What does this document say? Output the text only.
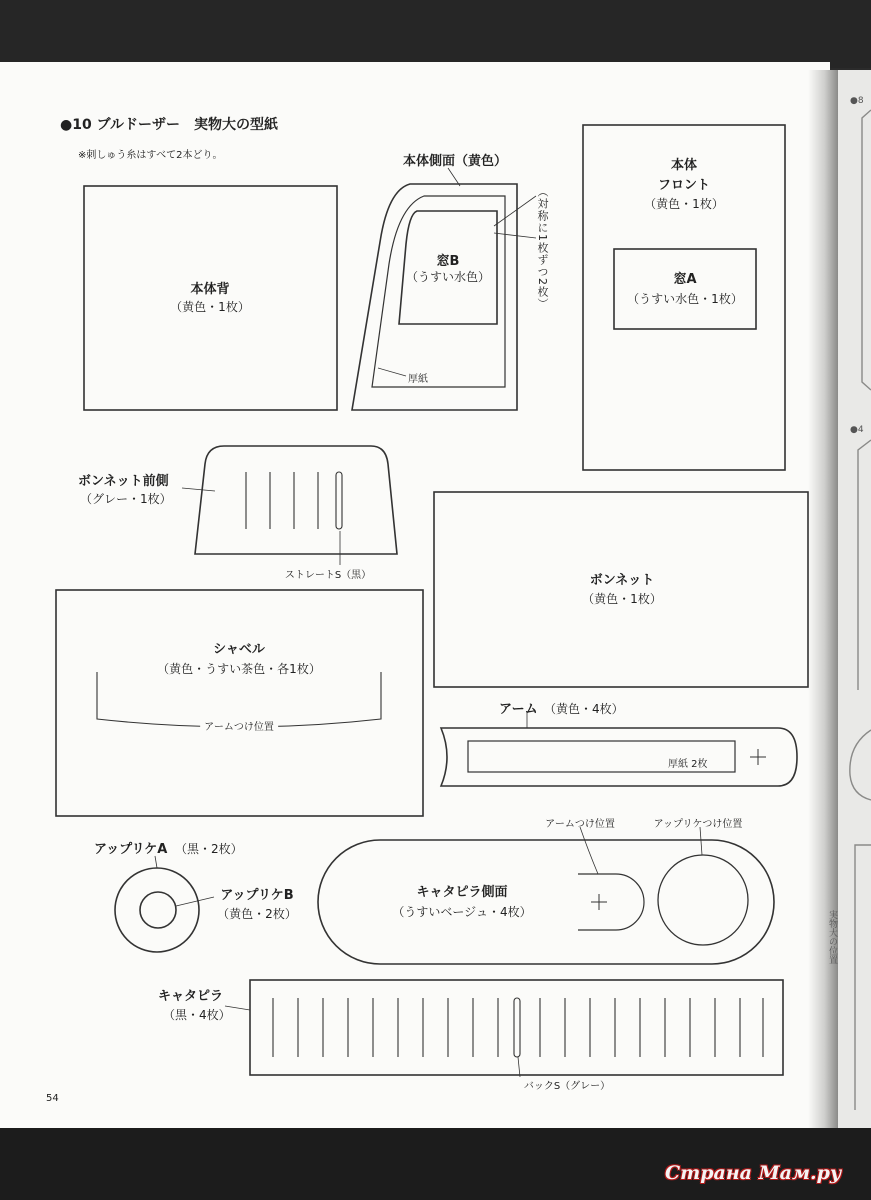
●10 ブルドーザー　実物大の型紙
※刺しゅう糸はすべて2本どり。
本体背
（黄色・1枚）
本体側面（黄色）
（対称に1枚ずつ2枚）
窓B
（うすい水色）
厚紙
本体
フロント
（黄色・1枚）
窓A
（うすい水色・1枚）
ボンネット前側
（グレー・1枚）
ストレートS（黒）	ボンネット
（黄色・1枚）
シャベル
（黄色・うすい茶色・各1枚）
アームつけ位置
アーム （黄色・4枚）
厚紙 2枚
アップリケA （黒・2枚）
アップリケB
（黄色・2枚）
キャタピラ側面
（うすいベージュ・4枚）
アームつけ位置	アップリケつけ位置
キャタピラ
（黒・4枚）
バックS（グレー）
54
●8
●4
実物大の位置
Страна Мам.ру
